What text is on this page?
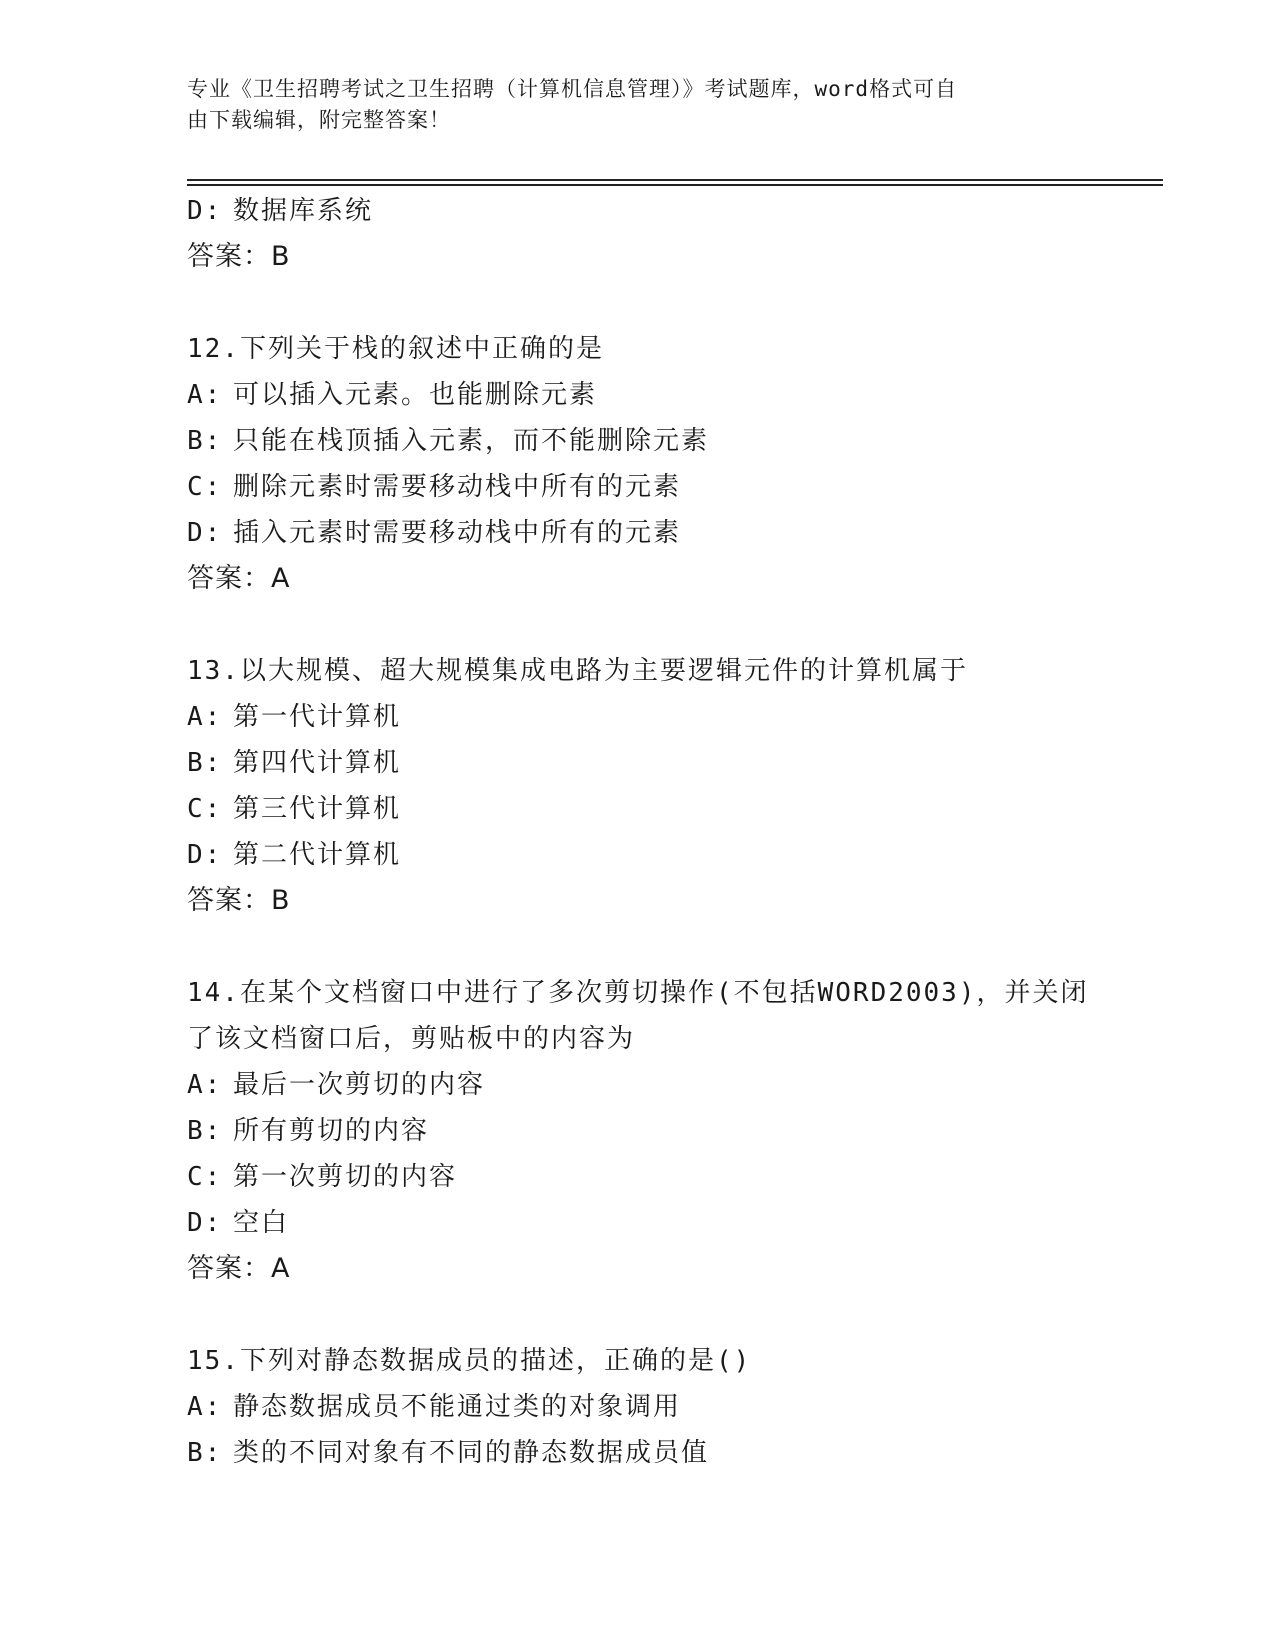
专业《卫生招聘考试之卫生招聘（计算机信息管理）》考试题库，word格式可自
由下载编辑，附完整答案！
D: 数据库系统
答案：B
12.下列关于栈的叙述中正确的是
A: 可以插入元素。也能删除元素
B: 只能在栈顶插入元素，而不能删除元素
C: 删除元素时需要移动栈中所有的元素
D: 插入元素时需要移动栈中所有的元素
答案：A
13.以大规模、超大规模集成电路为主要逻辑元件的计算机属于
A: 第一代计算机
B: 第四代计算机
C: 第三代计算机
D: 第二代计算机
答案：B
14.在某个文档窗口中进行了多次剪切操作(不包括WORD2003)，并关闭
了该文档窗口后，剪贴板中的内容为
A: 最后一次剪切的内容
B: 所有剪切的内容
C: 第一次剪切的内容
D: 空白
答案：A
15.下列对静态数据成员的描述，正确的是()
A: 静态数据成员不能通过类的对象调用
B: 类的不同对象有不同的静态数据成员值
